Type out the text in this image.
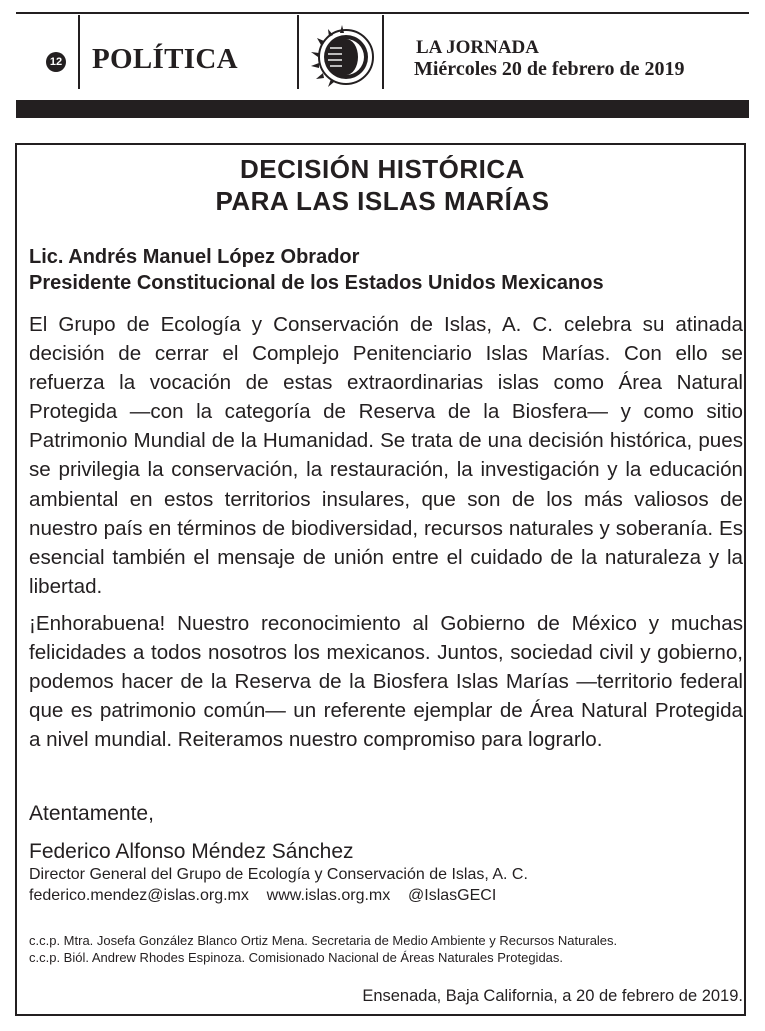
12 POLÍTICA	LA JORNADA
Miércoles 20 de febrero de 2019
DECISIÓN HISTÓRICA
PARA LAS ISLAS MARÍAS
Lic. Andrés Manuel López Obrador
Presidente Constitucional de los Estados Unidos Mexicanos
El Grupo de Ecología y Conservación de Islas, A. C. celebra su atinada decisión de cerrar el Complejo Penitenciario Islas Marías. Con ello se refuerza la vocación de estas extraordinarias islas como Área Natural Protegida —con la categoría de Reserva de la Biosfera— y como sitio Patrimonio Mundial de la Humanidad. Se trata de una decisión histórica, pues se privilegia la conservación, la restauración, la investigación y la educación ambiental en estos territorios insulares, que son de los más valiosos de nuestro país en términos de biodiversidad, recursos naturales y soberanía. Es esencial también el mensaje de unión entre el cuidado de la naturaleza y la libertad.
¡Enhorabuena! Nuestro reconocimiento al Gobierno de México y muchas felicidades a todos nosotros los mexicanos. Juntos, sociedad civil y gobierno, podemos hacer de la Reserva de la Biosfera Islas Marías —territorio federal que es patrimonio común— un referente ejemplar de Área Natural Protegida a nivel mundial. Reiteramos nuestro compromiso para lograrlo.
Atentamente,
Federico Alfonso Méndez Sánchez
Director General del Grupo de Ecología y Conservación de Islas, A. C.
federico.mendez@islas.org.mx www.islas.org.mx @IslasGECI
c.c.p. Mtra. Josefa González Blanco Ortiz Mena. Secretaria de Medio Ambiente y Recursos Naturales.
c.c.p. Biól. Andrew Rhodes Espinoza. Comisionado Nacional de Áreas Naturales Protegidas.
Ensenada, Baja California, a 20 de febrero de 2019.
